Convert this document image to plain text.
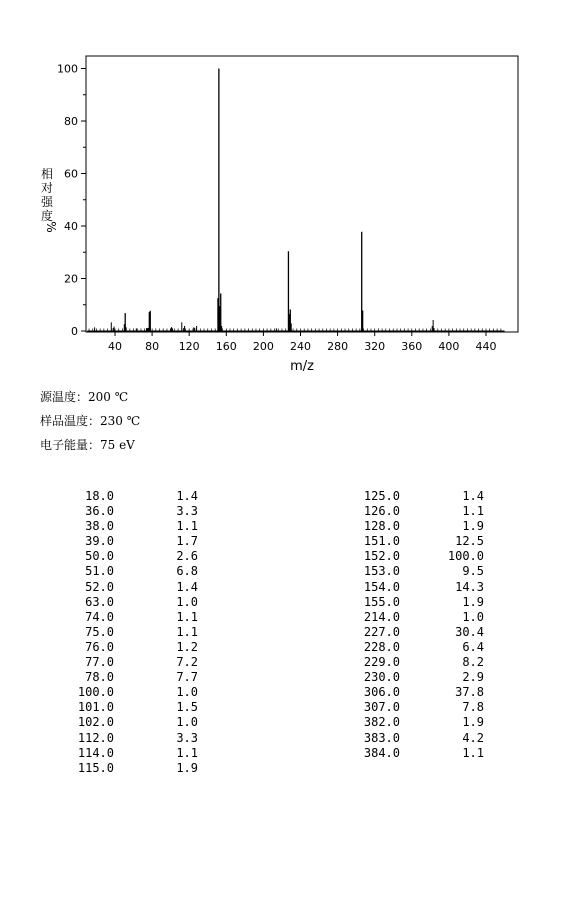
40 80 120 160 200 240 280 320 360 400 440
0
20
40
60
80
100
m/z
相
对
强
度
%
源温度：200 ℃
样品温度：230 ℃
电子能量：75 eV
18.0	1.4
36.0	3.3
38.0	1.1
39.0	1.7
50.0	2.6
51.0	6.8
52.0	1.4
63.0	1.0
74.0	1.1
75.0	1.1
76.0	1.2
77.0	7.2
78.0	7.7
100.0	1.0
101.0	1.5
102.0	1.0
112.0	3.3
114.0	1.1
115.0	1.9
125.0	1.4
126.0	1.1
128.0	1.9
151.0	12.5
152.0	100.0
153.0	9.5
154.0	14.3
155.0	1.9
214.0	1.0
227.0	30.4
228.0	6.4
229.0	8.2
230.0	2.9
306.0	37.8
307.0	7.8
382.0	1.9
383.0	4.2
384.0	1.1
